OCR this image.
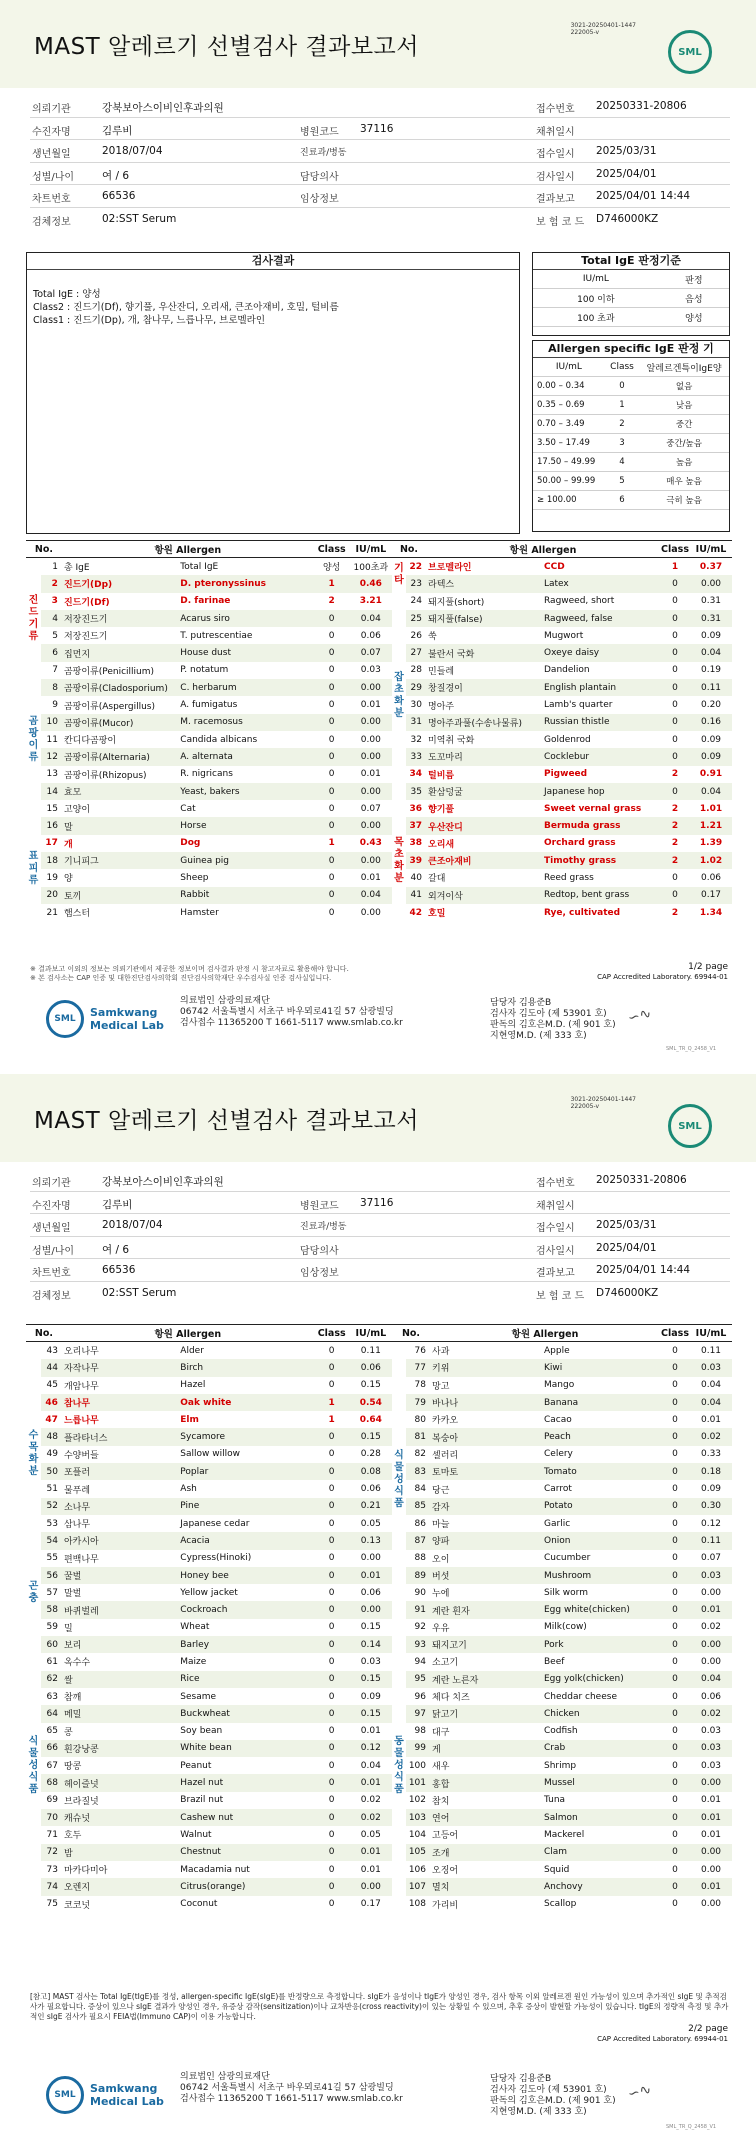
MAST 알레르기 선별검사 결과보고서
3021-20250401-1447
222005-v
SML
의뢰기관	강북보아스이비인후과의원	접수번호 20250331-20806
수진자명	김루비	병원코드 37116	채취일시
생년월일	2018/07/04	진료과/병동	접수일시 2025/03/31
성별/나이	여 / 6	담당의사	검사일시 2025/04/01
차트번호	66536	임상정보	결과보고 2025/04/01 14:44
검체정보	02:SST Serum	보 험 코 드 D746000KZ
검사결과
Total IgE : 양성
Class2 : 진드기(Df), 향기풀, 우산잔디, 오리새, 큰조아재비, 호밀, 털비름
Class1 : 진드기(Dp), 개, 참나무, 느릅나무, 브로멜라인
Total IgE 판정기준
IU/mL	판정
100 이하	음성
100 초과	양성
Allergen specific IgE 판정 기
IU/mL	Class	알레르겐특이IgE양
0.00 – 0.34	0	없음
0.35 – 0.69	1	낮음
0.70 – 3.49	2	중간
3.50 – 17.49	3	중간/높음
17.50 – 49.99	4	높음
50.00 – 99.99	5	매우 높음
≥ 100.00	6	극히 높음
No.		항원 Allergen		Class	IU/mL
	1	총 IgE	Total IgE	양성	100초과
진
드
기
류	2	진드기(Dp)	D. pteronyssinus	1	0.46
	3	진드기(Df)	D. farinae	2	3.21
	4	저장진드기	Acarus siro	0	0.04
	5	저장진드기	T. putrescentiae	0	0.06
	6	집먼지	House dust	0	0.07
곰
팡
이
류	7	곰팡이류(Penicillium)	P. notatum	0	0.03
	8	곰팡이류(Cladosporium)	C. herbarum	0	0.00
	9	곰팡이류(Aspergillus)	A. fumigatus	0	0.01
	10	곰팡이류(Mucor)	M. racemosus	0	0.00
	11	칸디다곰팡이	Candida albicans	0	0.00
	12	곰팡이류(Alternaria)	A. alternata	0	0.00
	13	곰팡이류(Rhizopus)	R. nigricans	0	0.01
	14	효모	Yeast, bakers	0	0.00
	15	고양이	Cat	0	0.07
표
피
류	16	말	Horse	0	0.00
	17	개	Dog	1	0.43
	18	기니피그	Guinea pig	0	0.00
	19	양	Sheep	0	0.01
	20	토끼	Rabbit	0	0.04
	21	햄스터	Hamster	0	0.00
No.		항원 Allergen		Class	IU/mL
기
타	22	브로멜라인	CCD	1	0.37
	23	라텍스	Latex	0	0.00
잡
초
화
분	24	돼지풀(short)	Ragweed, short	0	0.31
	25	돼지풀(false)	Ragweed, false	0	0.31
	26	쑥	Mugwort	0	0.09
	27	불란서 국화	Oxeye daisy	0	0.04
	28	민들레	Dandelion	0	0.19
	29	창질경이	English plantain	0	0.11
	30	명아주	Lamb's quarter	0	0.20
	31	명아주과풀(수송나물류)	Russian thistle	0	0.16
	32	미역취 국화	Goldenrod	0	0.09
	33	도꼬마리	Cocklebur	0	0.09
	34	털비름	Pigweed	2	0.91
	35	환삼덩굴	Japanese hop	0	0.04
목
초
화
분	36	향기풀	Sweet vernal grass	2	1.01
	37	우산잔디	Bermuda grass	2	1.21
	38	오리새	Orchard grass	2	1.39
	39	큰조아재비	Timothy grass	2	1.02
	40	갈대	Reed grass	0	0.06
	41	외겨이삭	Redtop, bent grass	0	0.17
	42	호밀	Rye, cultivated	2	1.34
※ 결과보고 이외의 정보는 의뢰기관에서 제공한 정보이며 검사결과 판정 시 참고자료로 활용해야 합니다.
※ 본 검사소는 CAP 인증 및 대한진단검사의학회 진단검사의학재단 우수검사실 인증 검사실입니다.
1/2 page
CAP Accredited Laboratory. 69944-01
SML	Samkwang
Medical Lab
의료법인 삼광의료재단
06742 서울특별시 서초구 바우뫼로41길 57 삼광빌딩
검사접수 11365200 T 1661-5117 www.smlab.co.kr
담당자 김용준B
검사자 김도아 (제 53901 호)
판독의 김호은M.D. (제 901 호)
지현영M.D. (제 333 호)
∽∿
SML_TR_Q_2458_V1
MAST 알레르기 선별검사 결과보고서
3021-20250401-1447
222005-v
SML
의뢰기관	강북보아스이비인후과의원	접수번호 20250331-20806
수진자명	김루비	병원코드 37116	채취일시
생년월일	2018/07/04	진료과/병동	접수일시 2025/03/31
성별/나이	여 / 6	담당의사	검사일시 2025/04/01
차트번호	66536	임상정보	결과보고 2025/04/01 14:44
검체정보	02:SST Serum	보 험 코 드 D746000KZ
No.		항원 Allergen		Class	IU/mL
수
목
화
분	43	오리나무	Alder	0	0.11
	44	자작나무	Birch	0	0.06
	45	개암나무	Hazel	0	0.15
	46	참나무	Oak white	1	0.54
	47	느릅나무	Elm	1	0.64
	48	플라타너스	Sycamore	0	0.15
	49	수양버들	Sallow willow	0	0.28
	50	포플러	Poplar	0	0.08
	51	물푸레	Ash	0	0.06
	52	소나무	Pine	0	0.21
	53	삼나무	Japanese cedar	0	0.05
	54	아카시아	Acacia	0	0.13
	55	편백나무	Cypress(Hinoki)	0	0.00
곤
충	56	꿀벌	Honey bee	0	0.01
	57	말벌	Yellow jacket	0	0.06
	58	바퀴벌레	Cockroach	0	0.00
식
물
성
식
품	59	밀	Wheat	0	0.15
	60	보리	Barley	0	0.14
	61	옥수수	Maize	0	0.03
	62	쌀	Rice	0	0.15
	63	참깨	Sesame	0	0.09
	64	메밀	Buckwheat	0	0.15
	65	콩	Soy bean	0	0.01
	66	흰강낭콩	White bean	0	0.12
	67	땅콩	Peanut	0	0.04
	68	헤이즐넛	Hazel nut	0	0.01
	69	브라질넛	Brazil nut	0	0.02
	70	캐슈넛	Cashew nut	0	0.02
	71	호두	Walnut	0	0.05
	72	밤	Chestnut	0	0.01
	73	마카다미아	Macadamia nut	0	0.01
	74	오렌지	Citrus(orange)	0	0.00
	75	코코넛	Coconut	0	0.17
No.		항원 Allergen		Class	IU/mL
식
물
성
식
품	76	사과	Apple	0	0.11
	77	키위	Kiwi	0	0.03
	78	망고	Mango	0	0.04
	79	바나나	Banana	0	0.04
	80	카카오	Cacao	0	0.01
	81	복숭아	Peach	0	0.02
	82	셀러리	Celery	0	0.33
	83	토마토	Tomato	0	0.18
	84	당근	Carrot	0	0.09
	85	감자	Potato	0	0.30
	86	마늘	Garlic	0	0.12
	87	양파	Onion	0	0.11
	88	오이	Cucumber	0	0.07
	89	버섯	Mushroom	0	0.03
	90	누에	Silk worm	0	0.00
	91	계란 흰자	Egg white(chicken)	0	0.01
동
물
성
식
품	92	우유	Milk(cow)	0	0.02
	93	돼지고기	Pork	0	0.00
	94	소고기	Beef	0	0.00
	95	계란 노른자	Egg yolk(chicken)	0	0.04
	96	체다 치즈	Cheddar cheese	0	0.06
	97	닭고기	Chicken	0	0.02
	98	대구	Codfish	0	0.03
	99	게	Crab	0	0.03
	100	새우	Shrimp	0	0.03
	101	홍합	Mussel	0	0.00
	102	참치	Tuna	0	0.01
	103	연어	Salmon	0	0.01
	104	고등어	Mackerel	0	0.01
	105	조개	Clam	0	0.00
	106	오징어	Squid	0	0.00
	107	멸치	Anchovy	0	0.01
	108	가리비	Scallop	0	0.00
[참고] MAST 검사는 Total IgE(tIgE)를 정성, allergen-specific IgE(sIgE)를 반정량으로 측정합니다. sIgE가 음성이나 tIgE가 양성인 경우, 검사 항목 이외 알레르겐 원인 가능성이 있으며 추가적인 sIgE 및 추적검사가 필요합니다. 증상이 있으나 sIgE 결과가 양성인 경우, 유증상 감작(sensitization)이나 교차반응(cross reactivity)이 있는 상황일 수 있으며, 추후 증상이 발현할 가능성이 있습니다. tIgE의 정량적 측정 및 추가적인 sIgE 검사가 필요시 FEIA법(Immuno CAP)이 이용 가능합니다.
2/2 page
CAP Accredited Laboratory. 69944-01
SML	Samkwang
Medical Lab
의료법인 삼광의료재단
06742 서울특별시 서초구 바우뫼로41길 57 삼광빌딩
검사접수 11365200 T 1661-5117 www.smlab.co.kr
담당자 김용준B
검사자 김도아 (제 53901 호)
판독의 김호은M.D. (제 901 호)
지현영M.D. (제 333 호)
∽∿
SML_TR_Q_2458_V1
